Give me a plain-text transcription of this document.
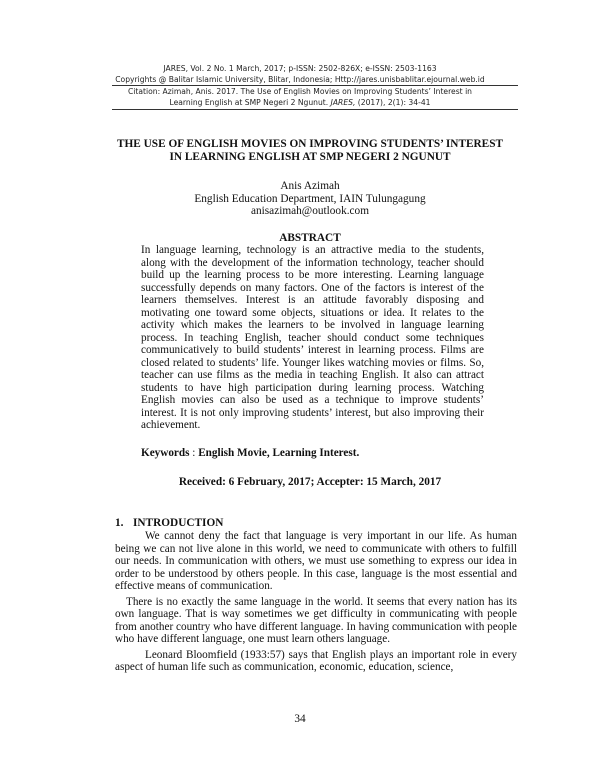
JARES, Vol. 2 No. 1 March, 2017; p-ISSN: 2502-826X; e-ISSN: 2503-1163
Copyrights @ Balitar Islamic University, Blitar, Indonesia; Http://jares.unisbablitar.ejournal.web.id
Citation: Azimah, Anis. 2017. The Use of English Movies on Improving Students’ Interest in Learning English at SMP Negeri 2 Ngunut. JARES, (2017), 2(1): 34-41
THE USE OF ENGLISH MOVIES ON IMPROVING STUDENTS’ INTEREST
IN LEARNING ENGLISH AT SMP NEGERI 2 NGUNUT
Anis Azimah
English Education Department, IAIN Tulungagung
anisazimah@outlook.com
ABSTRACT
In language learning, technology is an attractive media to the students, along with the development of the information technology, teacher should build up the learning process to be more interesting. Learning language successfully depends on many factors. One of the factors is interest of the learners themselves. Interest is an attitude favorably disposing and motivating one toward some objects, situations or idea. It relates to the activity which makes the learners to be involved in language learning process. In teaching English, teacher should conduct some techniques communicatively to build students’ interest in learning process. Films are closed related to students’ life. Younger likes watching movies or films. So, teacher can use films as the media in teaching English. It also can attract students to have high participation during learning process. Watching English movies can also be used as a technique to improve students’ interest. It is not only improving students’ interest, but also improving their achievement.
Keywords : English Movie, Learning Interest.
Received: 6 February, 2017; Accepter: 15 March, 2017
1. INTRODUCTION

We cannot deny the fact that language is very important in our life. As human being we can not live alone in this world, we need to communicate with others to fulfill our needs. In communication with others, we must use something to express our idea in order to be understood by others people. In this case, language is the most essential and effective means of communication.

There is no exactly the same language in the world. It seems that every nation has its own language. That is way sometimes we get difficulty in communicating with people from another country who have different language. In having communication with people who have different language, one must learn others language.

Leonard Bloomfield (1933:57) says that English plays an important role in every aspect of human life such as communication, economic, education, science,

34
